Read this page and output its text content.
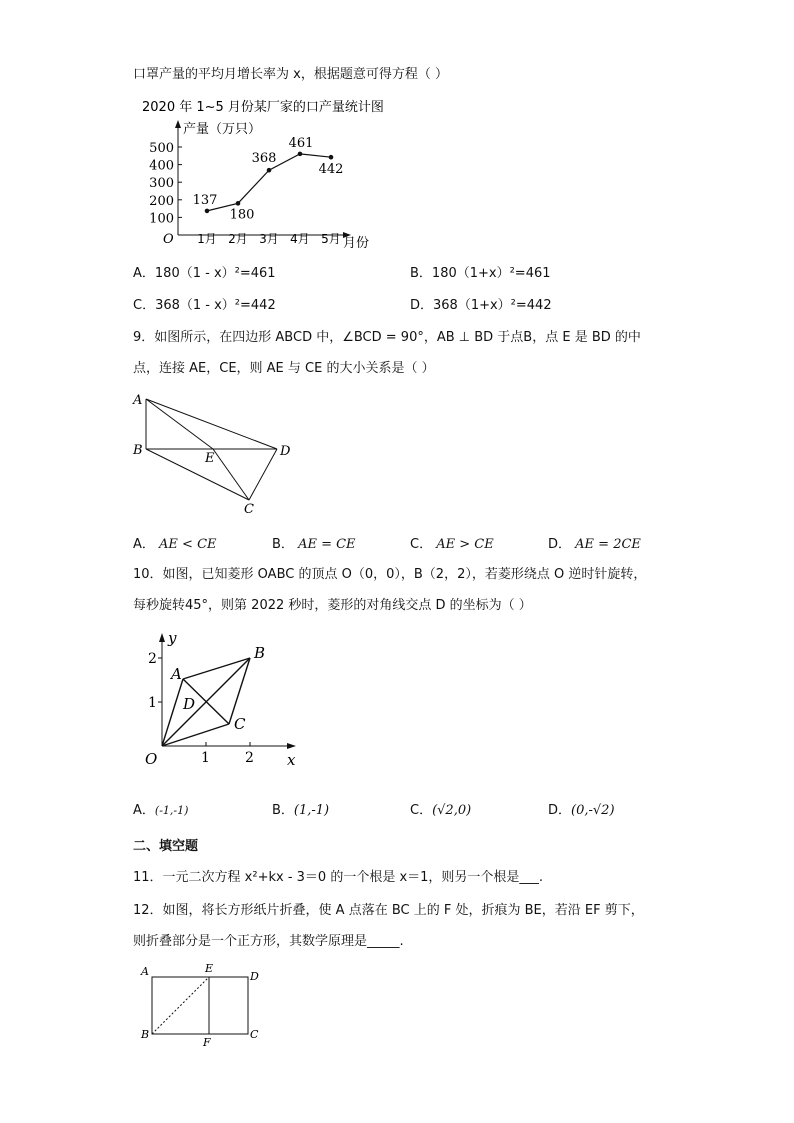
口罩产量的平均月增长率为 x，根据题意可得方程（ ）
2020 年 1~5 月份某厂家的口产量统计图
产量（万只）
月份
O
100
200
300
400
500
1月 2月 3月 4月 5月
137
180
368
461
442
A．180（1 - x）²=461	B．180（1+x）²=461
C．368（1 - x）²=442	D．368（1+x）²=442
9．如图所示，在四边形 ABCD 中，∠BCD = 90°，AB ⊥ BD 于点B，点 E 是 BD 的中
点，连接 AE，CE，则 AE 与 CE 的大小关系是（ ）
A
B
E	D
C
A． AE < CE	B． AE = CE	C． AE > CE	D． AE = 2CE
10．如图，已知菱形 OABC 的顶点 O（0，0），B（2，2），若菱形绕点 O 逆时针旋转，
每秒旋转45°，则第 2022 秒时，菱形的对角线交点 D 的坐标为（ ）
y
x
O
A
B
C
D
1
2
1	2
A．(-1,-1)	B．(1,-1)	C．(√2,0)	D．(0,-√2)
二、填空题
11．一元二次方程 x²+kx - 3＝0 的一个根是 x＝1，则另一个根是___.
12．如图，将长方形纸片折叠，使 A 点落在 BC 上的 F 处，折痕为 BE，若沿 EF 剪下，
则折叠部分是一个正方形，其数学原理是_____.
A	E
D
B	C
F
